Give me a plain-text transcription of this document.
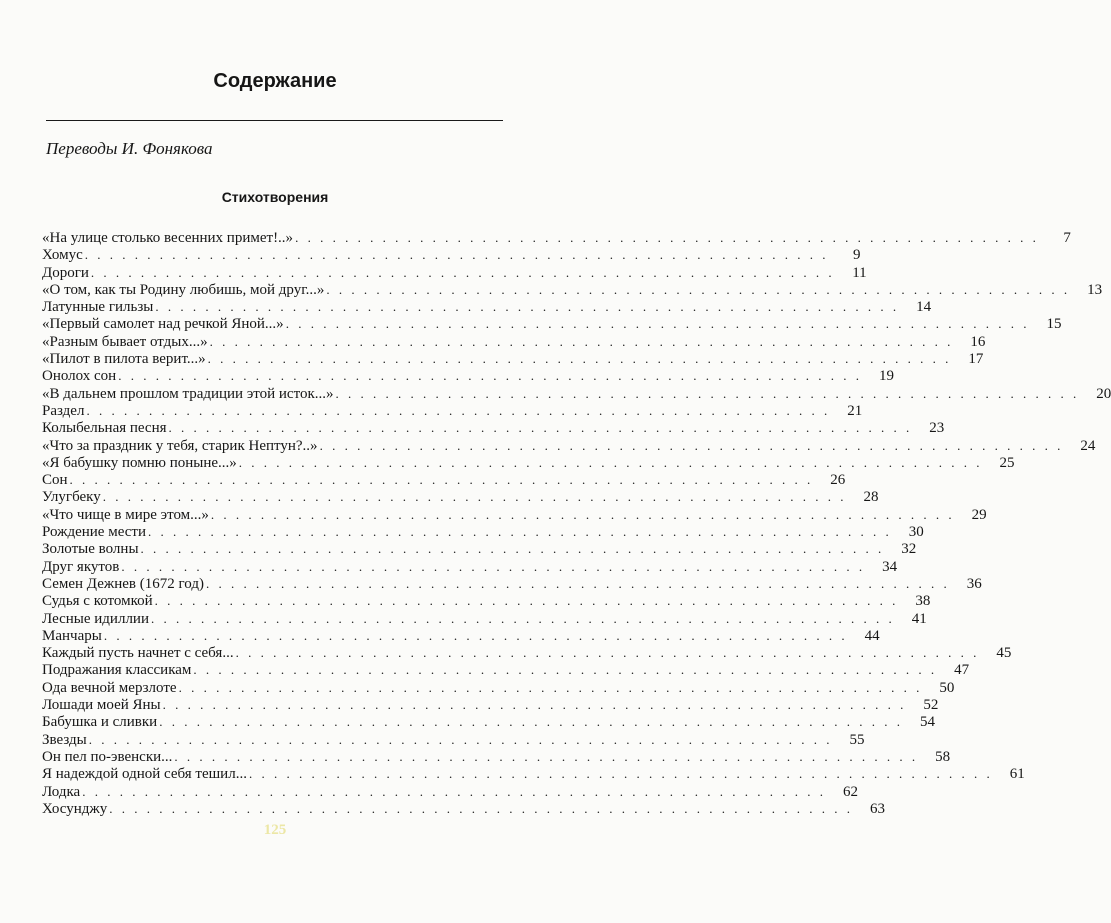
Содержание
Переводы И. Фонякова
Стихотворения
«На улице столько весенних примет!..» . . . . . . . . . . . . . . . . . . . . . . . . . . . . . . . . . . . . . . . . . . . . . . . . . . . . . . . . . . . .	7
Хомус . . . . . . . . . . . . . . . . . . . . . . . . . . . . . . . . . . . . . . . . . . . . . . . . . . . . . . . . . . . .	9
Дороги . . . . . . . . . . . . . . . . . . . . . . . . . . . . . . . . . . . . . . . . . . . . . . . . . . . . . . . . . . . .	11
«О том, как ты Родину любишь, мой друг...» . . . . . . . . . . . . . . . . . . . . . . . . . . . . . . . . . . . . . . . . . . . . . . . . . . . . . . . . . . . .	13
Латунные гильзы . . . . . . . . . . . . . . . . . . . . . . . . . . . . . . . . . . . . . . . . . . . . . . . . . . . . . . . . . . . .	14
«Первый самолет над речкой Яной...» . . . . . . . . . . . . . . . . . . . . . . . . . . . . . . . . . . . . . . . . . . . . . . . . . . . . . . . . . . . .	15
«Разным бывает отдых...» . . . . . . . . . . . . . . . . . . . . . . . . . . . . . . . . . . . . . . . . . . . . . . . . . . . . . . . . . . . .	16
«Пилот в пилота верит...» . . . . . . . . . . . . . . . . . . . . . . . . . . . . . . . . . . . . . . . . . . . . . . . . . . . . . . . . . . . .	17
Онолох сон . . . . . . . . . . . . . . . . . . . . . . . . . . . . . . . . . . . . . . . . . . . . . . . . . . . . . . . . . . . .	19
«В дальнем прошлом традиции этой исток...» . . . . . . . . . . . . . . . . . . . . . . . . . . . . . . . . . . . . . . . . . . . . . . . . . . . . . . . . . . . .	20
Раздел . . . . . . . . . . . . . . . . . . . . . . . . . . . . . . . . . . . . . . . . . . . . . . . . . . . . . . . . . . . .	21
Колыбельная песня . . . . . . . . . . . . . . . . . . . . . . . . . . . . . . . . . . . . . . . . . . . . . . . . . . . . . . . . . . . .	23
«Что за праздник у тебя, старик Нептун?..» . . . . . . . . . . . . . . . . . . . . . . . . . . . . . . . . . . . . . . . . . . . . . . . . . . . . . . . . . . . .	24
«Я бабушку помню поныне...» . . . . . . . . . . . . . . . . . . . . . . . . . . . . . . . . . . . . . . . . . . . . . . . . . . . . . . . . . . . .	25
Сон . . . . . . . . . . . . . . . . . . . . . . . . . . . . . . . . . . . . . . . . . . . . . . . . . . . . . . . . . . . .	26
Улугбеку . . . . . . . . . . . . . . . . . . . . . . . . . . . . . . . . . . . . . . . . . . . . . . . . . . . . . . . . . . . .	28
«Что чище в мире этом...» . . . . . . . . . . . . . . . . . . . . . . . . . . . . . . . . . . . . . . . . . . . . . . . . . . . . . . . . . . . .	29
Рождение мести . . . . . . . . . . . . . . . . . . . . . . . . . . . . . . . . . . . . . . . . . . . . . . . . . . . . . . . . . . . .	30
Золотые волны . . . . . . . . . . . . . . . . . . . . . . . . . . . . . . . . . . . . . . . . . . . . . . . . . . . . . . . . . . . .	32
Друг якутов . . . . . . . . . . . . . . . . . . . . . . . . . . . . . . . . . . . . . . . . . . . . . . . . . . . . . . . . . . . .	34
Семен Дежнев (1672 год) . . . . . . . . . . . . . . . . . . . . . . . . . . . . . . . . . . . . . . . . . . . . . . . . . . . . . . . . . . . .	36
Судья с котомкой . . . . . . . . . . . . . . . . . . . . . . . . . . . . . . . . . . . . . . . . . . . . . . . . . . . . . . . . . . . .	38
Лесные идиллии . . . . . . . . . . . . . . . . . . . . . . . . . . . . . . . . . . . . . . . . . . . . . . . . . . . . . . . . . . . .	41
Манчары . . . . . . . . . . . . . . . . . . . . . . . . . . . . . . . . . . . . . . . . . . . . . . . . . . . . . . . . . . . .	44
Каждый пусть начнет с себя... . . . . . . . . . . . . . . . . . . . . . . . . . . . . . . . . . . . . . . . . . . . . . . . . . . . . . . . . . . . .	45
Подражания классикам . . . . . . . . . . . . . . . . . . . . . . . . . . . . . . . . . . . . . . . . . . . . . . . . . . . . . . . . . . . .	47
Ода вечной мерзлоте . . . . . . . . . . . . . . . . . . . . . . . . . . . . . . . . . . . . . . . . . . . . . . . . . . . . . . . . . . . .	50
Лошади моей Яны . . . . . . . . . . . . . . . . . . . . . . . . . . . . . . . . . . . . . . . . . . . . . . . . . . . . . . . . . . . .	52
Бабушка и сливки . . . . . . . . . . . . . . . . . . . . . . . . . . . . . . . . . . . . . . . . . . . . . . . . . . . . . . . . . . . .	54
Звезды . . . . . . . . . . . . . . . . . . . . . . . . . . . . . . . . . . . . . . . . . . . . . . . . . . . . . . . . . . . .	55
Он пел по-эвенски... . . . . . . . . . . . . . . . . . . . . . . . . . . . . . . . . . . . . . . . . . . . . . . . . . . . . . . . . . . . .	58
Я надеждой одной себя тешил... . . . . . . . . . . . . . . . . . . . . . . . . . . . . . . . . . . . . . . . . . . . . . . . . . . . . . . . . . . . .	61
Лодка . . . . . . . . . . . . . . . . . . . . . . . . . . . . . . . . . . . . . . . . . . . . . . . . . . . . . . . . . . . .	62
Хосунджу . . . . . . . . . . . . . . . . . . . . . . . . . . . . . . . . . . . . . . . . . . . . . . . . . . . . . . . . . . . .	63
125
